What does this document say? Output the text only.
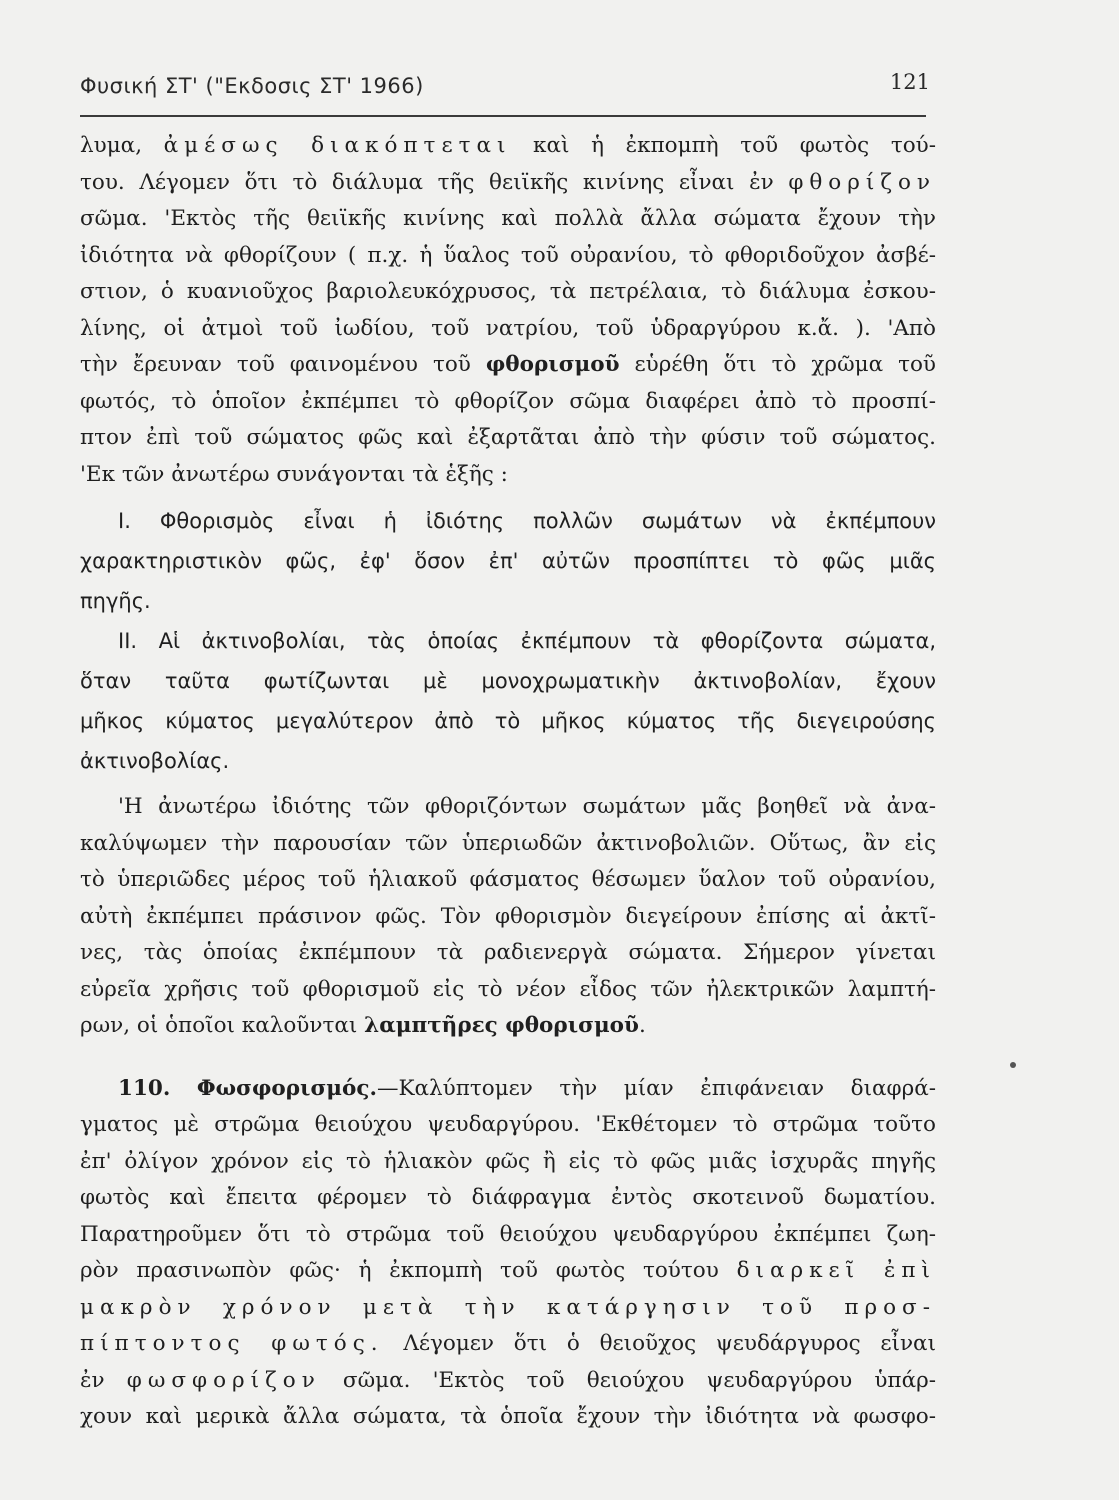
Φυσική ΣΤ' ("Εκδοσις ΣΤ' 1966)	121
λυμα, ἀμέσως διακόπτεται καὶ ἡ ἐκπομπὴ τοῦ φωτὸς τού-
του. Λέγομεν ὅτι τὸ διάλυμα τῆς θειϊκῆς κινίνης εἶναι ἐν φθορίζον
σῶμα. 'Εκτὸς τῆς θειϊκῆς κινίνης καὶ πολλὰ ἄλλα σώματα ἔχουν τὴν
ἰδιότητα νὰ φθορίζουν ( π.χ. ἡ ὕαλος τοῦ οὐρανίου, τὸ φθοριδοῦχον ἀσβέ-
στιον, ὁ κυανιοῦχος βαριολευκόχρυσος, τὰ πετρέλαια, τὸ διάλυμα ἐσκου-
λίνης, οἱ ἀτμοὶ τοῦ ἰωδίου, τοῦ νατρίου, τοῦ ὑδραργύρου κ.ἄ. ). 'Απὸ
τὴν ἔρευναν τοῦ φαινομένου τοῦ φθορισμοῦ εὑρέθη ὅτι τὸ χρῶμα τοῦ
φωτός, τὸ ὁποῖον ἐκπέμπει τὸ φθορίζον σῶμα διαφέρει ἀπὸ τὸ προσπί-
πτον ἐπὶ τοῦ σώματος φῶς καὶ ἐξαρτᾶται ἀπὸ τὴν φύσιν τοῦ σώματος.
'Εκ τῶν ἀνωτέρω συνάγονται τὰ ἑξῆς :
Ι. Φθορισμὸς εἶναι ἡ ἰδιότης πολλῶν σωμάτων νὰ ἐκπέμπουν
χαρακτηριστικὸν φῶς, ἐφ' ὅσον ἐπ' αὐτῶν προσπίπτει τὸ φῶς μιᾶς
πηγῆς.
ΙΙ. Αἱ ἀκτινοβολίαι, τὰς ὁποίας ἐκπέμπουν τὰ φθορίζοντα σώματα,
ὅταν ταῦτα φωτίζωνται μὲ μονοχρωματικὴν ἀκτινοβολίαν, ἔχουν
μῆκος κύματος μεγαλύτερον ἀπὸ τὸ μῆκος κύματος τῆς διεγειρούσης
ἀκτινοβολίας.
'Η ἀνωτέρω ἰδιότης τῶν φθοριζόντων σωμάτων μᾶς βοηθεῖ νὰ ἀνα-
καλύψωμεν τὴν παρουσίαν τῶν ὑπεριωδῶν ἀκτινοβολιῶν. Οὕτως, ἂν εἰς
τὸ ὑπεριῶδες μέρος τοῦ ἡλιακοῦ φάσματος θέσωμεν ὕαλον τοῦ οὐρανίου,
αὐτὴ ἐκπέμπει πράσινον φῶς. Τὸν φθορισμὸν διεγείρουν ἐπίσης αἱ ἀκτῖ-
νες, τὰς ὁποίας ἐκπέμπουν τὰ ραδιενεργὰ σώματα. Σήμερον γίνεται
εὐρεῖα χρῆσις τοῦ φθορισμοῦ εἰς τὸ νέον εἶδος τῶν ἠλεκτρικῶν λαμπτή-
ρων, οἱ ὁποῖοι καλοῦνται λαμπτῆρες φθορισμοῦ.
110. Φωσφορισμός.—Καλύπτομεν τὴν μίαν ἐπιφάνειαν διαφρά-
γματος μὲ στρῶμα θειούχου ψευδαργύρου. 'Εκθέτομεν τὸ στρῶμα τοῦτο
ἐπ' ὀλίγον χρόνον εἰς τὸ ἡλιακὸν φῶς ἢ εἰς τὸ φῶς μιᾶς ἰσχυρᾶς πηγῆς
φωτὸς καὶ ἔπειτα φέρομεν τὸ διάφραγμα ἐντὸς σκοτεινοῦ δωματίου.
Παρατηροῦμεν ὅτι τὸ στρῶμα τοῦ θειούχου ψευδαργύρου ἐκπέμπει ζωη-
ρὸν πρασινωπὸν φῶς· ἡ ἐκπομπὴ τοῦ φωτὸς τούτου διαρκεῖ ἐπὶ
μακρὸν χρόνον μετὰ τὴν κατάργησιν τοῦ προσ-
πίπτοντος φωτός. Λέγομεν ὅτι ὁ θειοῦχος ψευδάργυρος εἶναι
ἐν φωσφορίζον σῶμα. 'Εκτὸς τοῦ θειούχου ψευδαργύρου ὑπάρ-
χουν καὶ μερικὰ ἄλλα σώματα, τὰ ὁποῖα ἔχουν τὴν ἰδιότητα νὰ φωσφο-
